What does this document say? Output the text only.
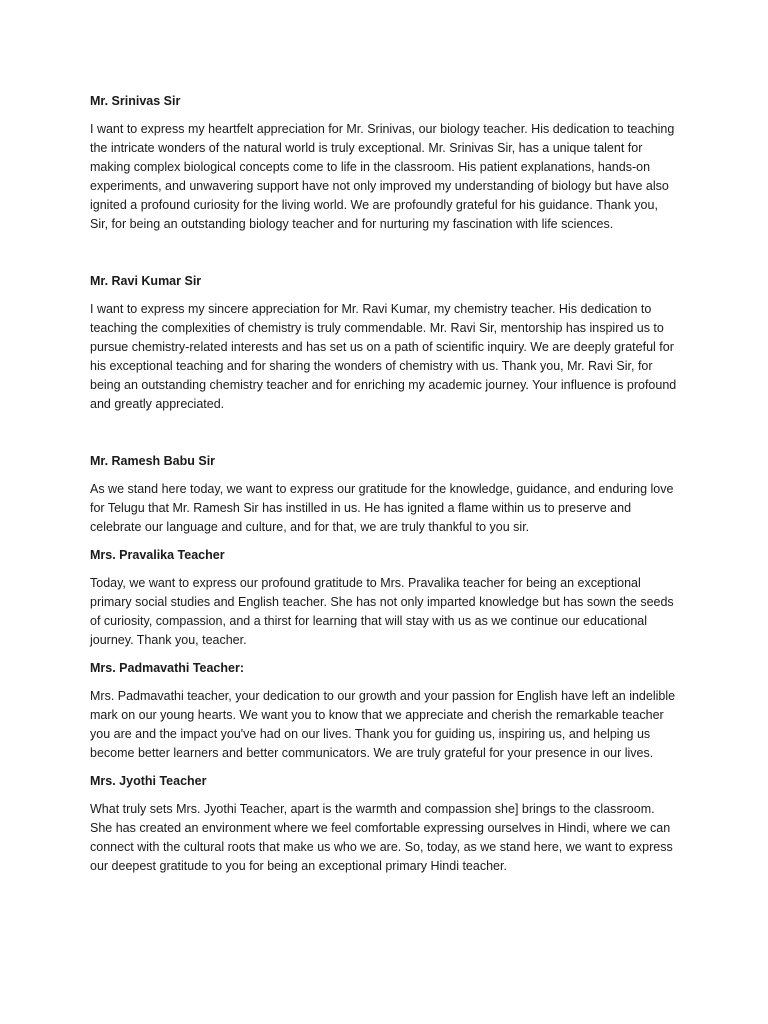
Mr. Srinivas Sir

I want to express my heartfelt appreciation for Mr. Srinivas, our biology teacher. His dedication to teaching the intricate wonders of the natural world is truly exceptional. Mr. Srinivas Sir, has a unique talent for making complex biological concepts come to life in the classroom. His patient explanations, hands-on experiments, and unwavering support have not only improved my understanding of biology but have also ignited a profound curiosity for the living world. We are profoundly grateful for his guidance. Thank you, Sir, for being an outstanding biology teacher and for nurturing my fascination with life sciences.

Mr. Ravi Kumar Sir

I want to express my sincere appreciation for Mr. Ravi Kumar, my chemistry teacher. His dedication to teaching the complexities of chemistry is truly commendable. Mr. Ravi Sir, mentorship has inspired us to pursue chemistry-related interests and has set us on a path of scientific inquiry. We are deeply grateful for his exceptional teaching and for sharing the wonders of chemistry with us. Thank you, Mr. Ravi Sir, for being an outstanding chemistry teacher and for enriching my academic journey. Your influence is profound and greatly appreciated.

Mr. Ramesh Babu Sir

As we stand here today, we want to express our gratitude for the knowledge, guidance, and enduring love for Telugu that Mr. Ramesh Sir has instilled in us. He has ignited a flame within us to preserve and celebrate our language and culture, and for that, we are truly thankful to you sir.

Mrs. Pravalika Teacher

Today, we want to express our profound gratitude to Mrs. Pravalika teacher for being an exceptional primary social studies and English teacher. She has not only imparted knowledge but has sown the seeds of curiosity, compassion, and a thirst for learning that will stay with us as we continue our educational journey. Thank you, teacher.

Mrs. Padmavathi Teacher:

Mrs. Padmavathi teacher, your dedication to our growth and your passion for English have left an indelible mark on our young hearts. We want you to know that we appreciate and cherish the remarkable teacher you are and the impact you've had on our lives. Thank you for guiding us, inspiring us, and helping us become better learners and better communicators. We are truly grateful for your presence in our lives.

Mrs. Jyothi Teacher

What truly sets Mrs. Jyothi Teacher, apart is the warmth and compassion she] brings to the classroom. She has created an environment where we feel comfortable expressing ourselves in Hindi, where we can connect with the cultural roots that make us who we are. So, today, as we stand here, we want to express our deepest gratitude to you for being an exceptional primary Hindi teacher.
